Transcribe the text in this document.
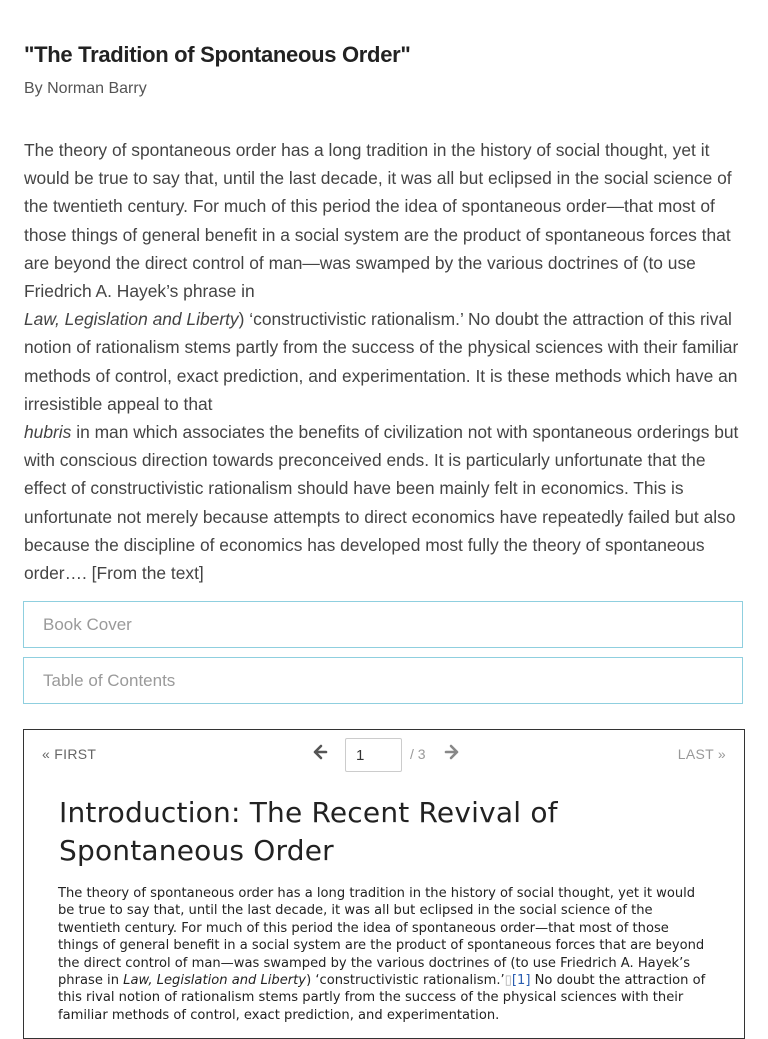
"The Tradition of Spontaneous Order"
By Norman Barry

The theory of spontaneous order has a long tradition in the history of social thought, yet it would be true to say that, until the last decade, it was all but eclipsed in the social science of the twentieth century. For much of this period the idea of spontaneous order—that most of those things of general benefit in a social system are the product of spontaneous forces that are beyond the direct control of man—was swamped by the various doctrines of (to use Friedrich A. Hayek’s phrase in
Law, Legislation and Liberty) ‘constructivistic rationalism.’ No doubt the attraction of this rival notion of rationalism stems partly from the success of the physical sciences with their familiar methods of control, exact prediction, and experimentation. It is these methods which have an irresistible appeal to that
hubris in man which associates the benefits of civilization not with spontaneous orderings but with conscious direction towards preconceived ends. It is particularly unfortunate that the effect of constructivistic rationalism should have been mainly felt in economics. This is unfortunate not merely because attempts to direct economics have repeatedly failed but also because the discipline of economics has developed most fully the theory of spontaneous order…. [From the text]

Book Cover
Table of Contents
« FIRST
1	/ 3	LAST »
Introduction: The Recent Revival of Spontaneous Order

The theory of spontaneous order has a long tradition in the history of social thought, yet it would be true to say that, until the last decade, it was all but eclipsed in the social science of the twentieth century. For much of this period the idea of spontaneous order—that most of those things of general benefit in a social system are the product of spontaneous forces that are beyond the direct control of man—was swamped by the various doctrines of (to use Friedrich A. Hayek’s phrase in Law, Legislation and Liberty) ‘constructivistic rationalism.’▯[1] No doubt the attraction of this rival notion of rationalism stems partly from the success of the physical sciences with their familiar methods of control, exact prediction, and experimentation.
